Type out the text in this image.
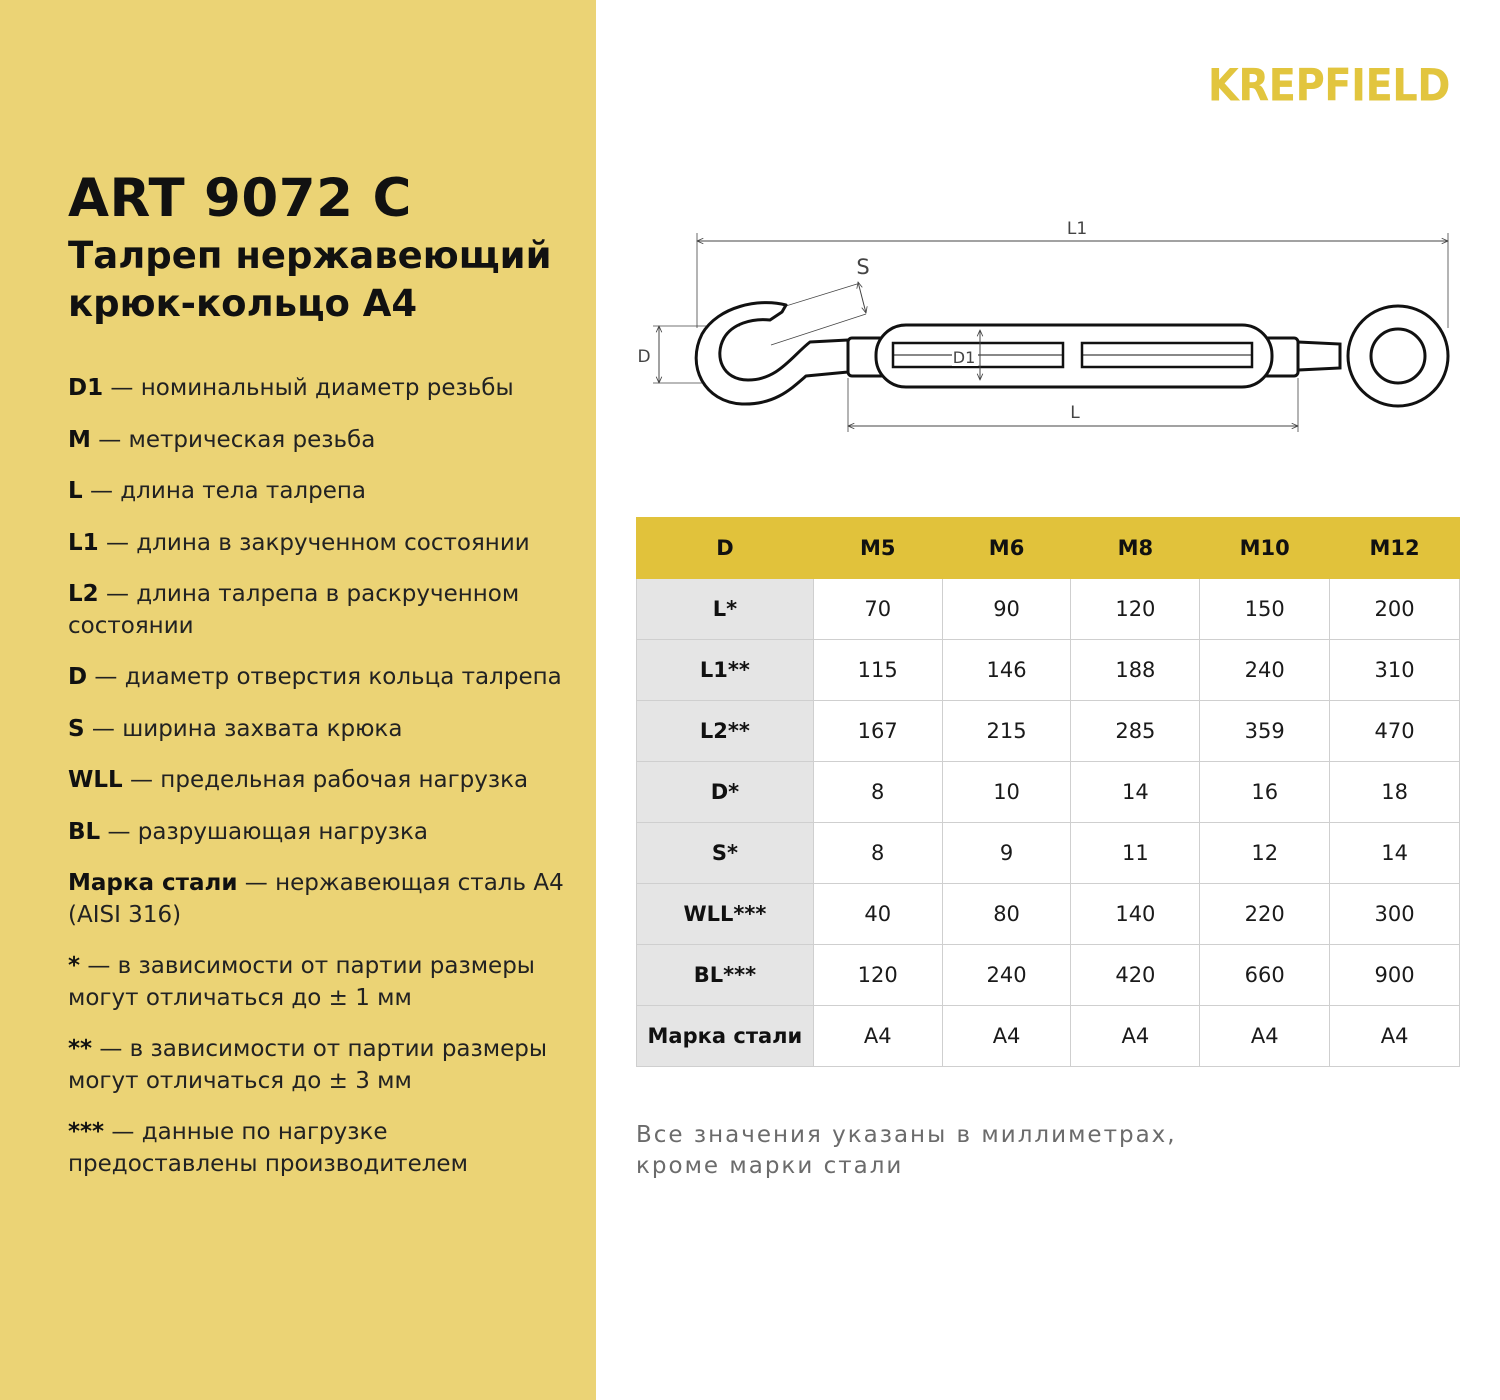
ART 9072 C
Талреп нержавеющий
крюк-кольцо A4
D1 — номинальный диаметр резьбы
M — метрическая резьба
L — длина тела талрепа
L1 — длина в закрученном состоянии
L2 — длина талрепа в раскрученном состоянии
D — диаметр отверстия кольца талрепа
S — ширина захвата крюка
WLL — предельная рабочая нагрузка
BL — разрушающая нагрузка
Марка стали — нержавеющая сталь А4 (AISI 316)
* — в зависимости от партии размеры могут отличаться до ± 1 мм
** — в зависимости от партии размеры могут отличаться до ± 3 мм
*** — данные по нагрузке предоставлены производителем
KREPFIELD
L1
S
D	D1
L
D	M5	M6	M8	M10	M12
L*	70	90	120	150	200
L1**	115	146	188	240	310
L2**	167	215	285	359	470
D*	8	10	14	16	18
S*	8	9	11	12	14
WLL***	40	80	140	220	300
BL***	120	240	420	660	900
Марка стали	A4	A4	A4	A4	A4
Все значения указаны в миллиметрах,
кроме марки стали
